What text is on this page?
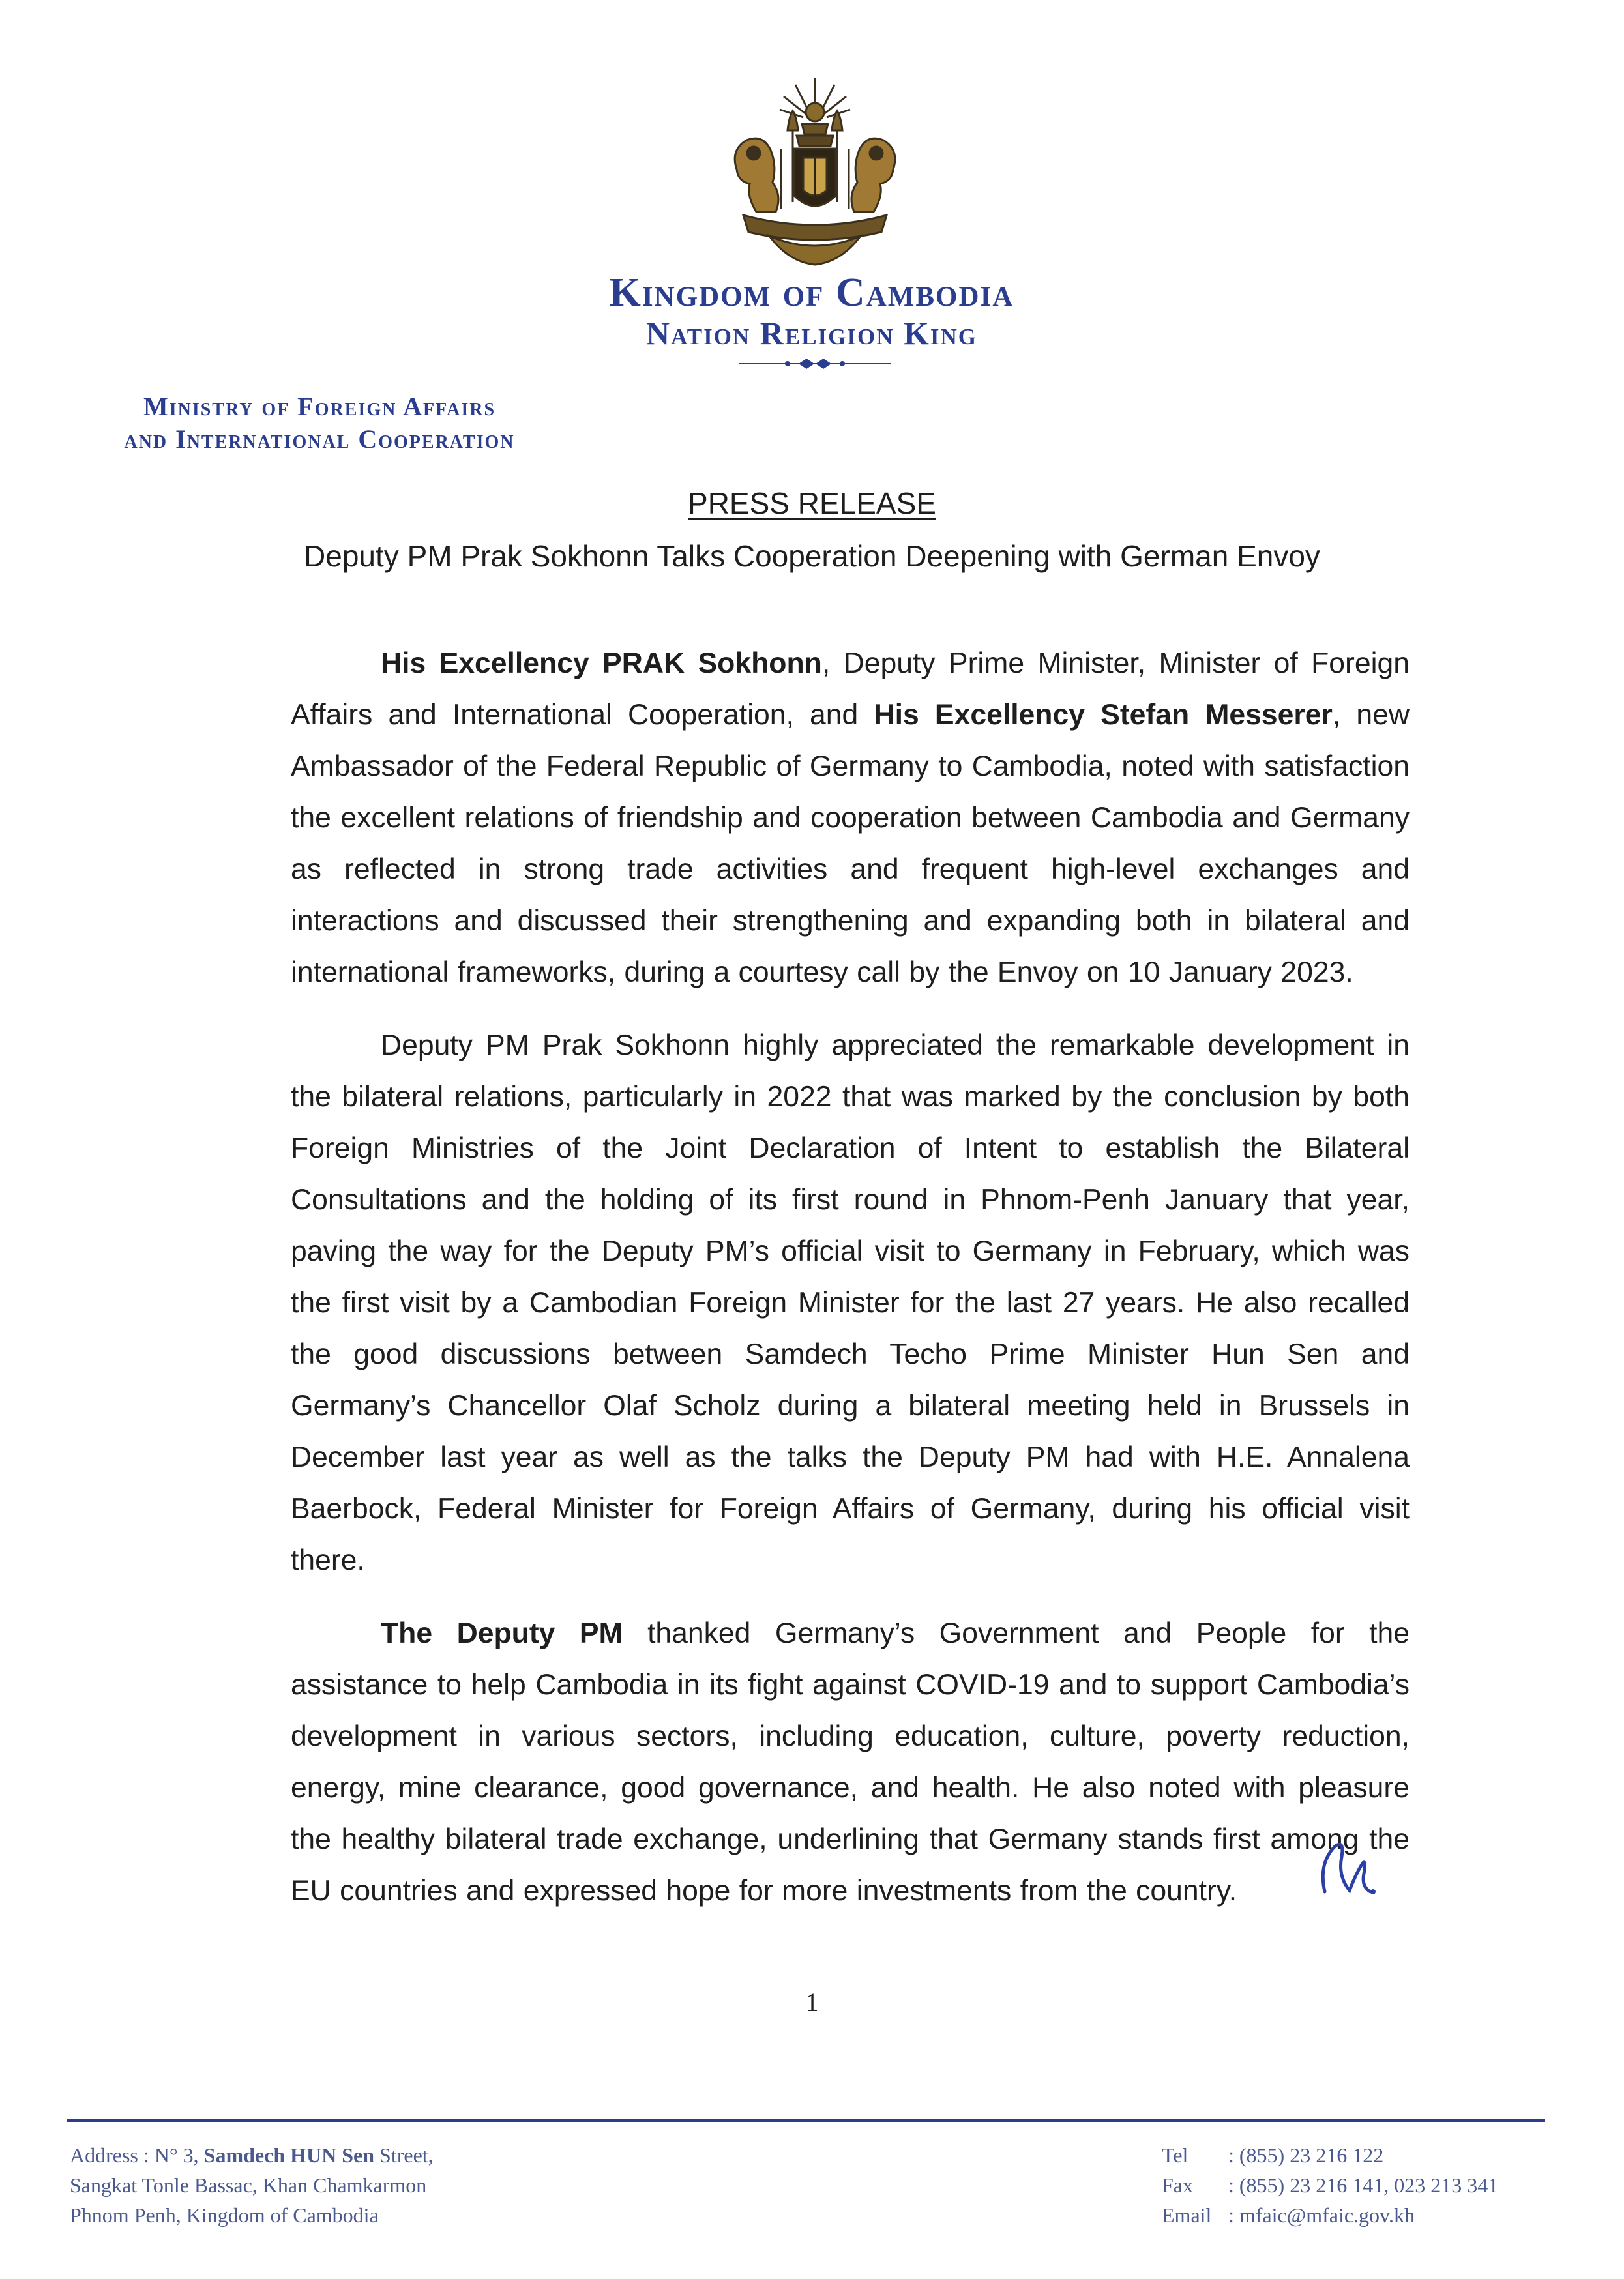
Kingdom of Cambodia
Nation Religion King
Ministry of Foreign Affairs
and International Cooperation
PRESS RELEASE
Deputy PM Prak Sokhonn Talks Cooperation Deepening with German Envoy

His Excellency PRAK Sokhonn, Deputy Prime Minister, Minister of Foreign Affairs and International Cooperation, and His Excellency Stefan Messerer, new Ambassador of the Federal Republic of Germany to Cambodia, noted with satisfaction the excellent relations of friendship and cooperation between Cambodia and Germany as reflected in strong trade activities and frequent high-level exchanges and interactions and discussed their strengthening and expanding both in bilateral and international frameworks, during a courtesy call by the Envoy on 10 January 2023.

Deputy PM Prak Sokhonn highly appreciated the remarkable development in the bilateral relations, particularly in 2022 that was marked by the conclusion by both Foreign Ministries of the Joint Declaration of Intent to establish the Bilateral Consultations and the holding of its first round in Phnom-Penh January that year, paving the way for the Deputy PM’s official visit to Germany in February, which was the first visit by a Cambodian Foreign Minister for the last 27 years. He also recalled the good discussions between Samdech Techo Prime Minister Hun Sen and Germany’s Chancellor Olaf Scholz during a bilateral meeting held in Brussels in December last year as well as the talks the Deputy PM had with H.E. Annalena Baerbock, Federal Minister for Foreign Affairs of Germany, during his official visit there.

The Deputy PM thanked Germany’s Government and People for the assistance to help Cambodia in its fight against COVID-19 and to support Cambodia’s development in various sectors, including education, culture, poverty reduction, energy, mine clearance, good governance, and health. He also noted with pleasure the healthy bilateral trade exchange, underlining that Germany stands first among the EU countries and expressed hope for more investments from the country.

1
Address : N° 3, Samdech HUN Sen Street,
Sangkat Tonle Bassac, Khan Chamkarmon
Phnom Penh, Kingdom of Cambodia
Tel	: (855) 23 216 122
Fax	: (855) 23 216 141, 023 213 341
Email : mfaic@mfaic.gov.kh
